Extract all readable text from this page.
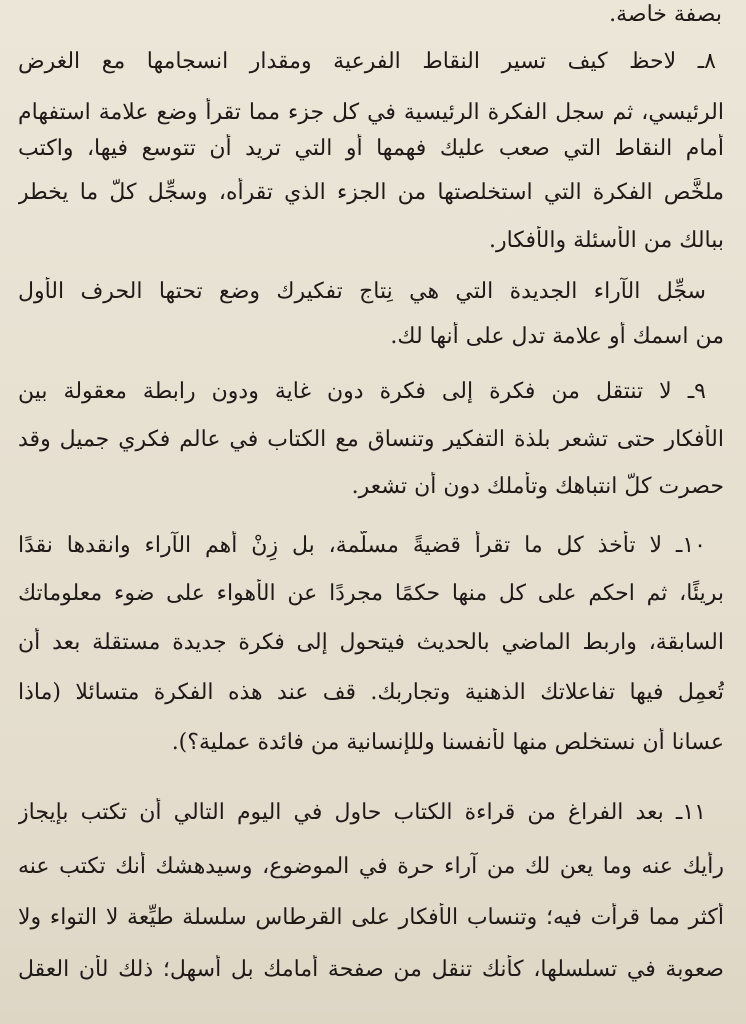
بصفة خاصة.
٨ـ لاحظ كيف تسير النقاط الفرعية ومقدار انسجامها مع الغرض
الرئيسي، ثم سجل الفكرة الرئيسية في كل جزء مما تقرأ وضع علامة استفهام
أمام النقاط التي صعب عليك فهمها أو التي تريد أن تتوسع فيها، واكتب
ملخَّص الفكرة التي استخلصتها من الجزء الذي تقرأه، وسجِّل كلّ ما يخطر
ببالك من الأسئلة والأفكار.
سجِّل الآراء الجديدة التي هي نِتاج تفكيرك وضع تحتها الحرف الأول
من اسمك أو علامة تدل على أنها لك.
٩ـ لا تنتقل من فكرة إلى فكرة دون غاية ودون رابطة معقولة بين
الأفكار حتى تشعر بلذة التفكير وتنساق مع الكتاب في عالم فكري جميل وقد
حصرت كلّ انتباهك وتأملك دون أن تشعر.
١٠ـ لا تأخذ كل ما تقرأ قضيةً مسلّمة، بل زِنْ أهم الآراء وانقدها نقدًا
بريئًا، ثم احكم على كل منها حكمًا مجردًا عن الأهواء على ضوء معلوماتك
السابقة، واربط الماضي بالحديث فيتحول إلى فكرة جديدة مستقلة بعد أن
تُعمِل فيها تفاعلاتك الذهنية وتجاربك. قف عند هذه الفكرة متسائلا (ماذا
عسانا أن نستخلص منها لأنفسنا وللإنسانية من فائدة عملية؟).
١١ـ بعد الفراغ من قراءة الكتاب حاول في اليوم التالي أن تكتب بإيجاز
رأيك عنه وما يعن لك من آراء حرة في الموضوع، وسيدهشك أنك تكتب عنه
أكثر مما قرأت فيه؛ وتنساب الأفكار على القرطاس سلسلة طيِّعة لا التواء ولا
صعوبة في تسلسلها، كأنك تنقل من صفحة أمامك بل أسهل؛ ذلك لأن العقل
